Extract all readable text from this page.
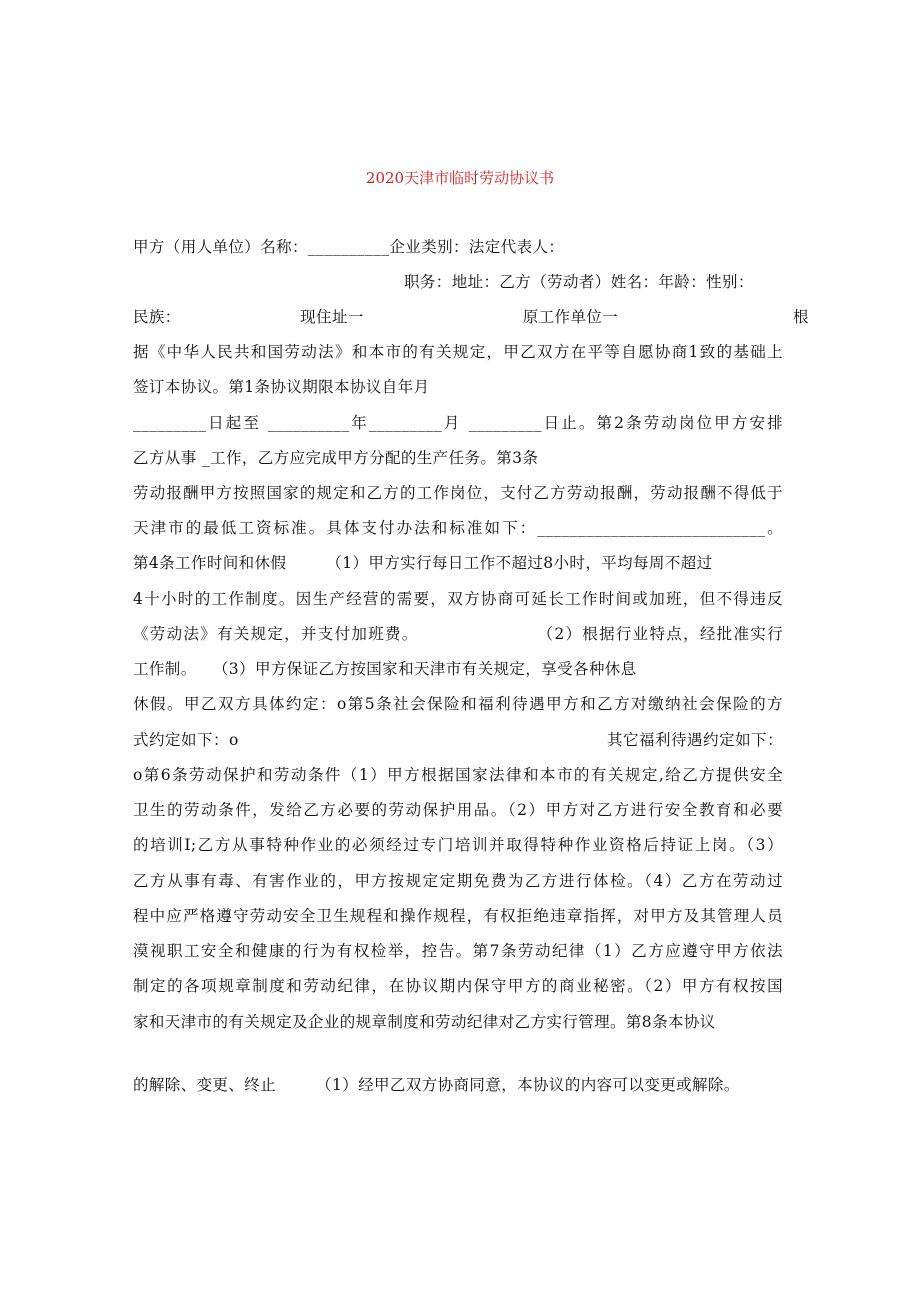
2020天津市临时劳动协议书
甲方（用人单位）名称：__________企业类别：法定代表人：
职务：地址：乙方（劳动者）姓名：年龄：性别：
民族：　　　　　　　　现住址一　　　　　　　　　　原工作单位一　　　　　　　　　　　根
据《中华人民共和国劳动法》和本市的有关规定，甲乙双方在平等自愿协商1致的基础上
签订本协议。第1条协议期限本协议自年月
_________日起至 __________年_________月 _________日止。第2条劳动岗位甲方安排
乙方从事 _工作，乙方应完成甲方分配的生产任务。第3条
劳动报酬甲方按照国家的规定和乙方的工作岗位，支付乙方劳动报酬，劳动报酬不得低于
天津市的最低工资标准。具体支付办法和标准如下：____________________________。
第4条工作时间和休假　　　（1）甲方实行每日工作不超过8小时，平均每周不超过
4十小时的工作制度。因生产经营的需要，双方协商可延长工作时间或加班，但不得违反
《劳动法》有关规定，并支付加班费。　　　　　　　　（2）根据行业特点，经批准实行
工作制。　　（3）甲方保证乙方按国家和天津市有关规定，享受各种休息
休假。甲乙双方具体约定：o第5条社会保险和福利待遇甲方和乙方对缴纳社会保险的方
式约定如下：o　　　　　　　　　　　　　　　　　　　　　　　其它福利待遇约定如下：
o第6条劳动保护和劳动条件（1）甲方根据国家法律和本市的有关规定,给乙方提供安全
卫生的劳动条件，发给乙方必要的劳动保护用品。（2）甲方对乙方进行安全教育和必要
的培训I;乙方从事特种作业的必须经过专门培训并取得特种作业资格后持证上岗。（3）
乙方从事有毒、有害作业的，甲方按规定定期免费为乙方进行体检。（4）乙方在劳动过
程中应严格遵守劳动安全卫生规程和操作规程，有权拒绝违章指挥，对甲方及其管理人员
漠视职工安全和健康的行为有权检举，控告。第7条劳动纪律（1）乙方应遵守甲方依法
制定的各项规章制度和劳动纪律，在协议期内保守甲方的商业秘密。（2）甲方有权按国
家和天津市的有关规定及企业的规章制度和劳动纪律对乙方实行管理。第8条本协议
的解除、变更、终止　　　（1）经甲乙双方协商同意，本协议的内容可以变更或解除。
